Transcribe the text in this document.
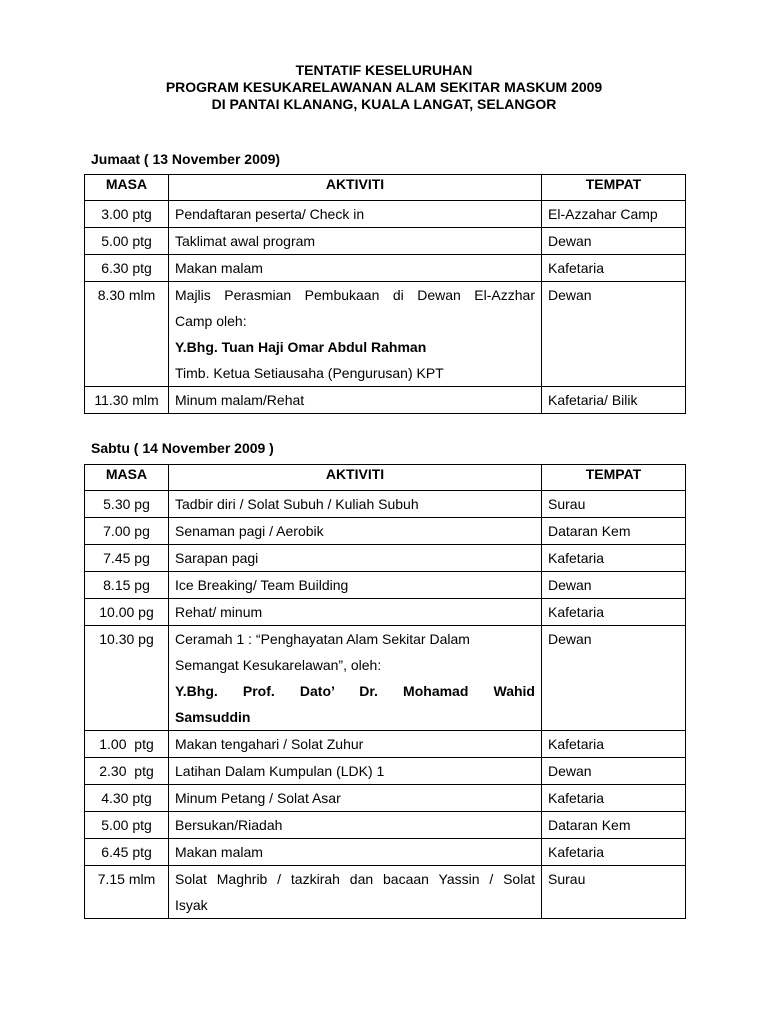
TENTATIF KESELURUHAN
PROGRAM KESUKARELAWANAN ALAM SEKITAR MASKUM 2009
DI PANTAI KLANANG, KUALA LANGAT, SELANGOR
Jumaat ( 13 November 2009)
MASA	AKTIVITI	TEMPAT
3.00 ptg	Pendaftaran peserta/ Check in	El-Azzahar Camp
5.00 ptg	Taklimat awal program	Dewan
6.30 ptg	Makan malam	Kafetaria
8.30 mlm	Majlis Perasmian Pembukaan di Dewan El-Azzhar
Camp oleh:
Y.Bhg. Tuan Haji Omar Abdul Rahman
Timb. Ketua Setiausaha (Pengurusan) KPT	Dewan
11.30 mlm	Minum malam/Rehat	Kafetaria/ Bilik
Sabtu ( 14 November 2009 )
MASA	AKTIVITI	TEMPAT
5.30 pg	Tadbir diri / Solat Subuh / Kuliah Subuh	Surau
7.00 pg	Senaman pagi / Aerobik	Dataran Kem
7.45 pg	Sarapan pagi	Kafetaria
8.15 pg	Ice Breaking/ Team Building	Dewan
10.00 pg	Rehat/ minum	Kafetaria
10.30 pg	Ceramah 1 : “Penghayatan Alam Sekitar Dalam
Semangat Kesukarelawan”, oleh:
Y.Bhg. Prof. Dato’ Dr. Mohamad Wahid
Samsuddin	Dewan
1.00  ptg	Makan tengahari / Solat Zuhur	Kafetaria
2.30  ptg	Latihan Dalam Kumpulan (LDK) 1	Dewan
4.30 ptg	Minum Petang / Solat Asar	Kafetaria
5.00 ptg	Bersukan/Riadah	Dataran Kem
6.45 ptg	Makan malam	Kafetaria
7.15 mlm	Solat Maghrib / tazkirah dan bacaan Yassin / Solat
Isyak	Surau
